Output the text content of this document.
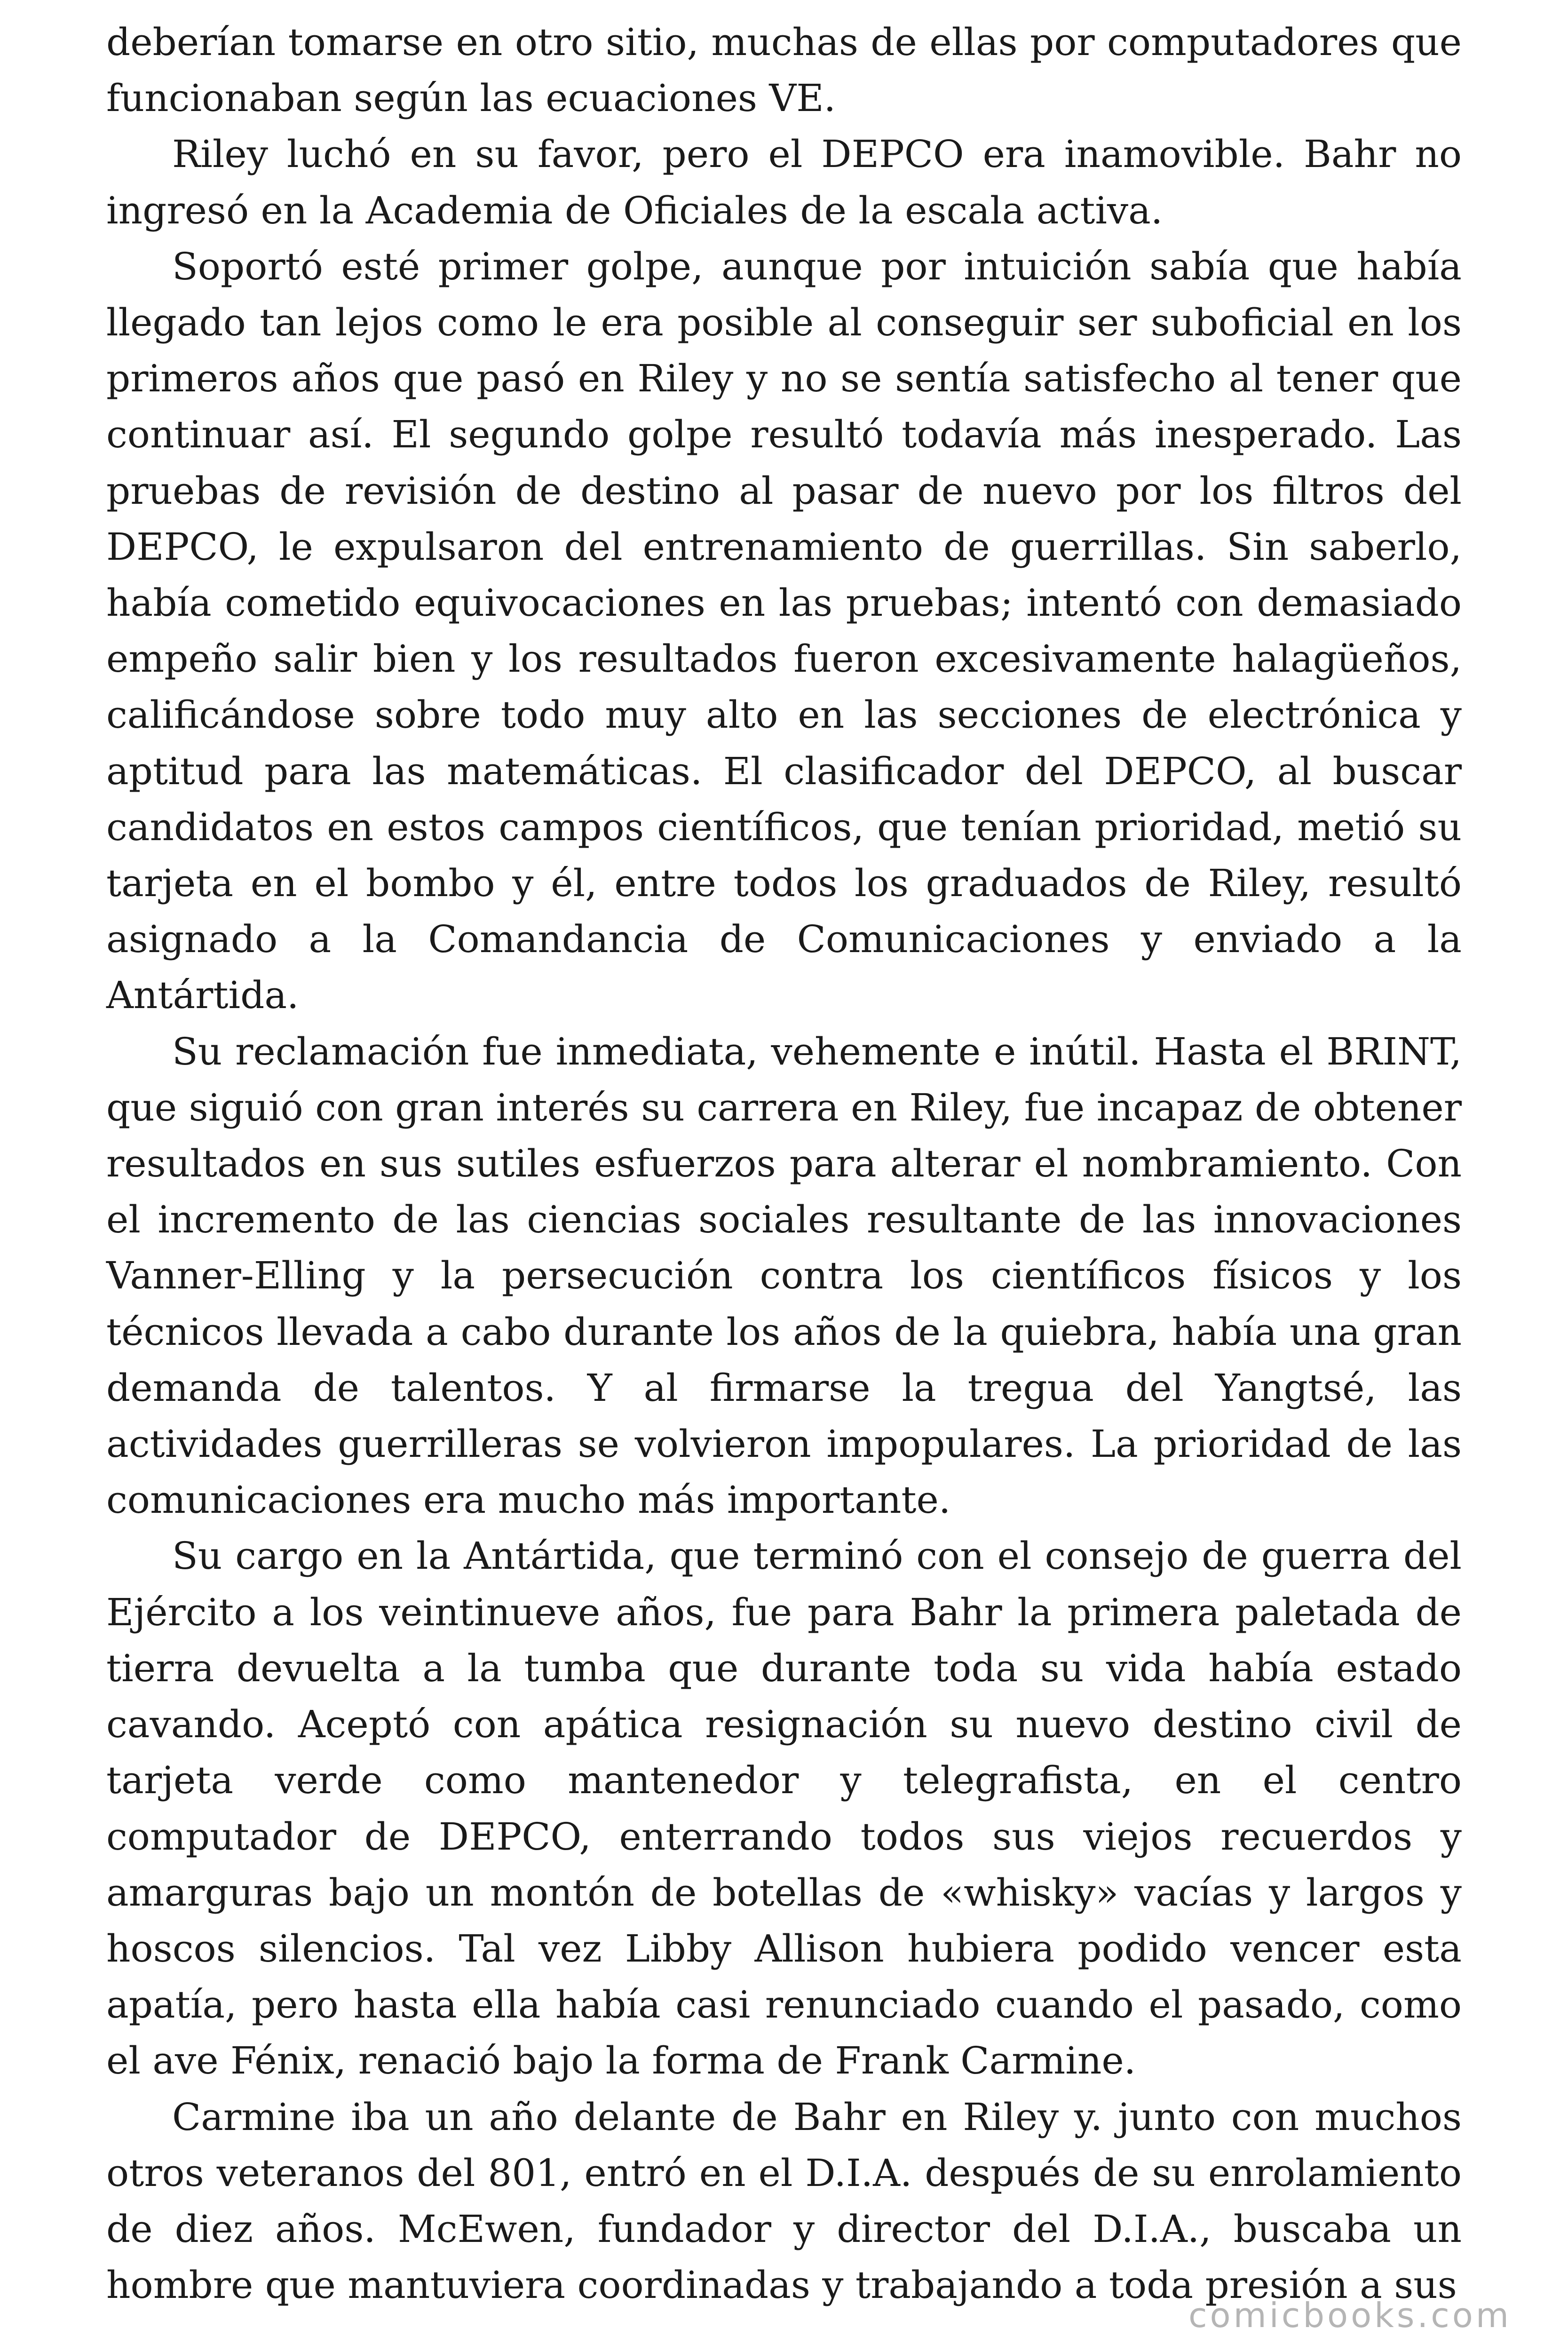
deberían tomarse en otro sitio, muchas de ellas por computadores que funcionaban según las ecuaciones VE.

Riley luchó en su favor, pero el DEPCO era inamovible. Bahr no ingresó en la Academia de Oficiales de la escala activa.

Soportó esté primer golpe, aunque por intuición sabía que había llegado tan lejos como le era posible al conseguir ser suboficial en los primeros años que pasó en Riley y no se sentía satisfecho al tener que continuar así. El segundo golpe resultó todavía más inesperado. Las pruebas de revisión de destino al pasar de nuevo por los filtros del DEPCO, le expulsaron del entrenamiento de guerrillas. Sin saberlo, había cometido equivocaciones en las pruebas; intentó con demasiado empeño salir bien y los resultados fueron excesivamente halagüeños, calificándose sobre todo muy alto en las secciones de electrónica y aptitud para las matemáticas. El clasificador del DEPCO, al buscar candidatos en estos campos científicos, que tenían prioridad, metió su tarjeta en el bombo y él, entre todos los graduados de Riley, resultó asignado a la Comandancia de Comunicaciones y enviado a la Antártida.

Su reclamación fue inmediata, vehemente e inútil. Hasta el BRINT, que siguió con gran interés su carrera en Riley, fue incapaz de obtener resultados en sus sutiles esfuerzos para alterar el nombramiento. Con el incremento de las ciencias sociales resultante de las innovaciones Vanner-Elling y la persecución contra los científicos físicos y los técnicos llevada a cabo durante los años de la quiebra, había una gran demanda de talentos. Y al firmarse la tregua del Yangtsé, las actividades guerrilleras se volvieron impopulares. La prioridad de las comunicaciones era mucho más importante.

Su cargo en la Antártida, que terminó con el consejo de guerra del Ejército a los veintinueve años, fue para Bahr la primera paletada de tierra devuelta a la tumba que durante toda su vida había estado cavando. Aceptó con apática resignación su nuevo destino civil de tarjeta verde como mantenedor y telegrafista, en el centro computador de DEPCO, enterrando todos sus viejos recuerdos y amarguras bajo un montón de botellas de «whisky» vacías y largos y hoscos silencios. Tal vez Libby Allison hubiera podido vencer esta apatía, pero hasta ella había casi renunciado cuando el pasado, como el ave Fénix, renació bajo la forma de Frank Carmine.

Carmine iba un año delante de Bahr en Riley y. junto con muchos otros veteranos del 801, entró en el D.I.A. después de su enrolamiento de diez años. McEwen, fundador y director del D.I.A., buscaba un hombre que mantuviera coordinadas y trabajando a toda presión a sus

comicbooks.com
